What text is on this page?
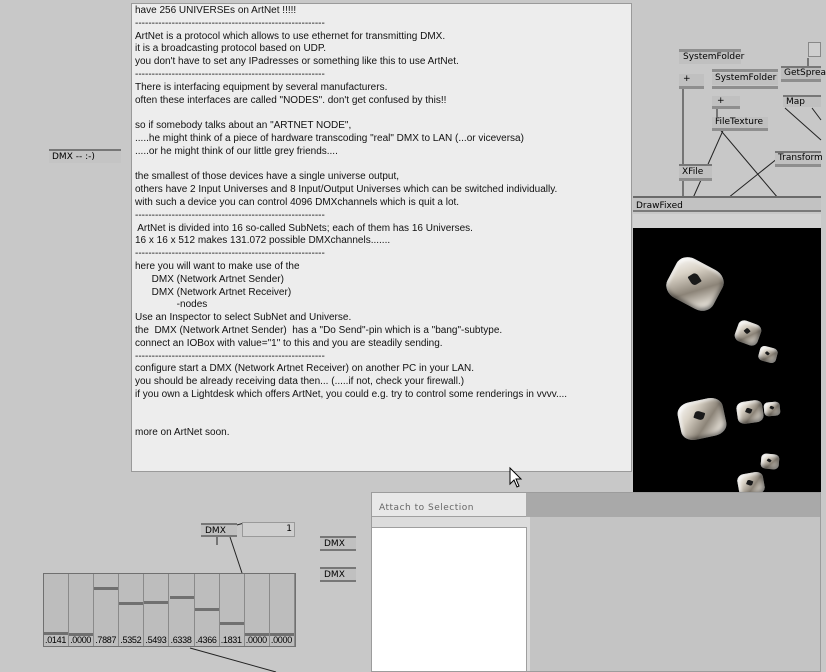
DMX -- :-)
have 256 UNIVERSEs on ArtNet !!!!!
---------------------------------------------------------
ArtNet is a protocol which allows to use ethernet for transmitting DMX.
it is a broadcasting protocol based on UDP.
you don't have to set any IPadresses or something like this to use ArtNet.
---------------------------------------------------------
There is interfacing equipment by several manufacturers.
often these interfaces are called "NODES". don't get confused by this!!
so if somebody talks about an "ARTNET NODE",
.....he might think of a piece of hardware transcoding "real" DMX to LAN (...or viceversa)
.....or he might think of our little grey friends....
the smallest of those devices have a single universe output,
others have 2 Input Universes and 8 Input/Output Universes which can be switched individually.
with such a device you can control 4096 DMXchannels which is quit a lot.
---------------------------------------------------------
ArtNet is divided into 16 so-called SubNets; each of them has 16 Universes.
16 x 16 x 512 makes 131.072 possible DMXchannels.......
---------------------------------------------------------
here you will want to make use of the
DMX (Network Artnet Sender)
DMX (Network Artnet Receiver)
-nodes
Use an Inspector to select SubNet and Universe.
the  DMX (Network Artnet Sender)  has a "Do Send"-pin which is a "bang"-subtype.
connect an IOBox with value="1" to this and you are steadily sending.
---------------------------------------------------------
configure start a DMX (Network Artnet Receiver) on another PC in your LAN.
you should be already receiving data then... (.....if not, check your firewall.)
if you own a Lightdesk which offers ArtNet, you could e.g. try to control some renderings in vvvv....
more on ArtNet soon.
SystemFolder
+	SystemFolder
+
FileTexture
GetSprea
Map
XFile
Transform
DrawFixed
Attach to Selection
DMX	1
DMX
DMX
.0141 .0000 .7887 .5352 .5493 .6338 .4366 .1831 .0000 .0000
